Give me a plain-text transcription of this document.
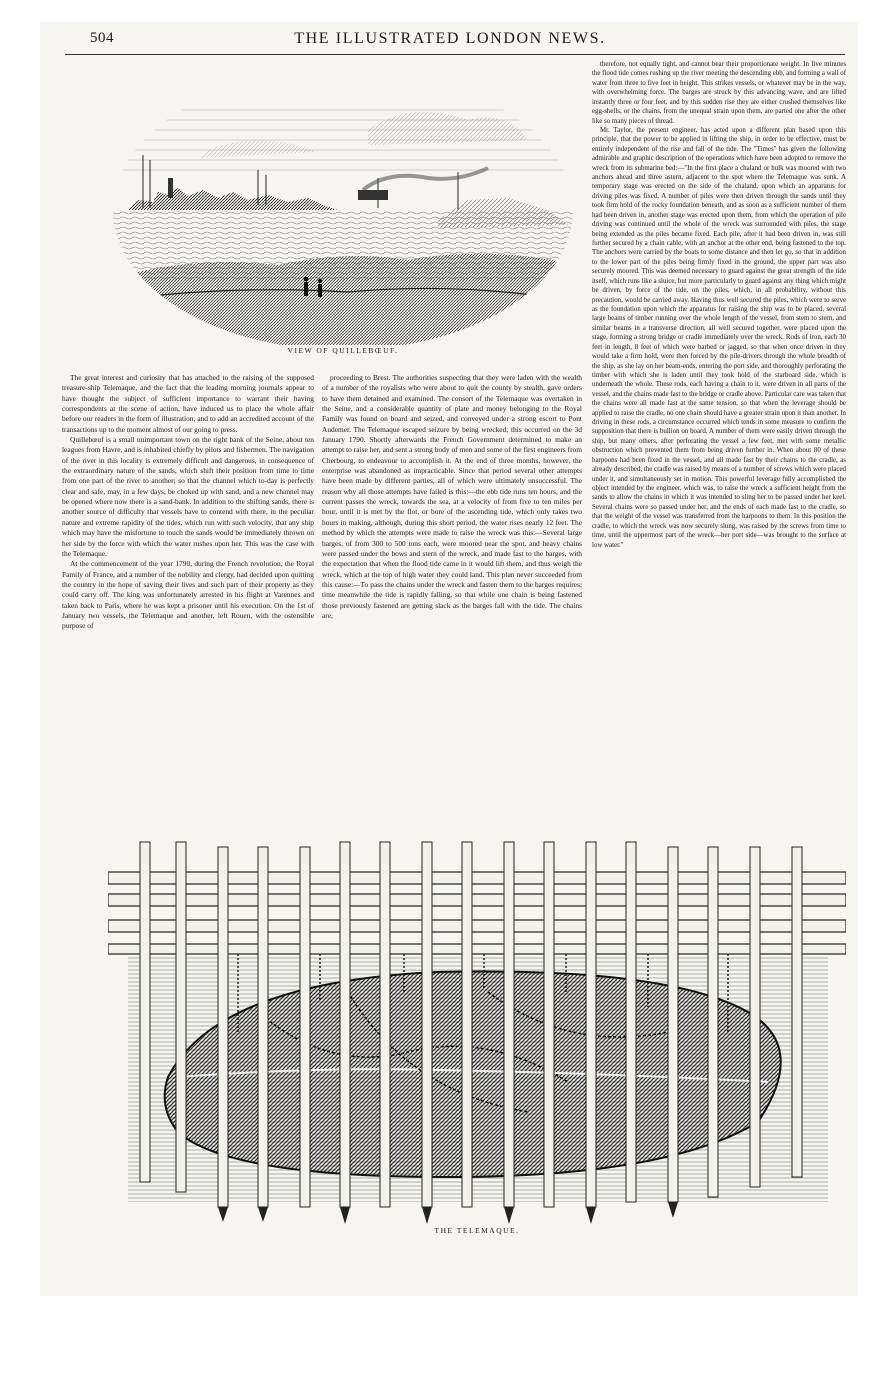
504	THE ILLUSTRATED LONDON NEWS.
VIEW OF QUILLEBŒUF.

The great interest and curiosity that has attached to the raising of the supposed treasure-ship Telemaque, and the fact that the leading morning journals appear to have thought the subject of sufficient importance to warrant their having correspondents at the scene of action, have induced us to place the whole affair before our readers in the form of illustration, and to add an accredited account of the transactions up to the moment almost of our going to press.

Quillebœuf is a small unimportant town on the right bank of the Seine, about ten leagues from Havre, and is inhabited chiefly by pilots and fishermen. The navigation of the river in this locality is extremely difficult and dangerous, in consequence of the extraordinary nature of the sands, which shift their position from time to time from one part of the river to another; so that the channel which to-day is perfectly clear and safe, may, in a few days, be choked up with sand, and a new channel may be opened where now there is a sand-bank. In addition to the shifting sands, there is another source of difficulty that vessels have to contend with there, in the peculiar nature and extreme rapidity of the tides, which run with such velocity, that any ship which may have the misfortune to touch the sands would be immediately thrown on her side by the force with which the water rushes upon her. This was the case with the Telemaque.

At the commencement of the year 1790, during the French revolution, the Royal Family of France, and a number of the nobility and clergy, had decided upon quitting the country in the hope of saving their lives and such part of their property as they could carry off. The king was unfortunately arrested in his flight at Varennes and taken back to Paris, where he was kept a prisoner until his execution. On the 1st of January two vessels, the Telemaque and another, left Rouen, with the ostensible purpose of

proceeding to Brest. The authorities suspecting that they were laden with the wealth of a number of the royalists who were about to quit the county by stealth, gave orders to have them detained and examined. The consort of the Telemaque was overtaken in the Seine, and a considerable quantity of plate and money belonging to the Royal Family was found on board and seized, and conveyed under a strong escort to Pont Audemer. The Telemaque escaped seizure by being wrecked; this occurred on the 3d January 1790. Shortly afterwards the French Government determined to make an attempt to raise her, and sent a strong body of men and some of the first engineers from Cherbourg, to endeavour to accomplish it. At the end of three months, however, the enterprise was abandoned as impracticable. Since that period several other attempts have been made by different parties, all of which were ultimately unsuccessful. The reason why all those attempts have failed is this:—the ebb tide runs ten hours, and the current passes the wreck, towards the sea, at a velocity of from five to ten miles per hour, until it is met by the flot, or bore of the ascending tide, which only takes two hours in making, although, during this short period, the water rises nearly 12 feet. The method by which the attempts were made to raise the wreck was this:—Several large barges, of from 300 to 500 tons each, were moored near the spot, and heavy chains were passed under the bows and stern of the wreck, and made fast to the barges, with the expectation that when the flood tide came in it would lift them, and thus weigh the wreck, which at the top of high water they could land. This plan never succeeded from this cause:—To pass the chains under the wreck and fasten them to the barges requires; time meanwhile the tide is rapidly falling, so that while one chain is being fastened those previously fastened are getting slack as the barges fall with the tide. The chains are,

therefore, not equally tight, and cannot bear their proportionate weight. In five minutes the flood tide comes rushing up the river meeting the descending ebb, and forming a wall of water from three to five feet in height. This strikes vessels, or whatever may be in the way, with overwhelming force. The barges are struck by this advancing wave, and are lifted instantly three or four feet, and by this sudden rise they are either crushed themselves like egg-shells, or the chains, from the unequal strain upon them, are parted one after the other like so many pieces of thread.

Mr. Taylor, the present engineer, has acted upon a different plan based upon this principle, that the power to be applied in lifting the ship, in order to be effective, must be entirely independent of the rise and fall of the tide. The "Times" has given the following admirable and graphic description of the operations which have been adopted to remove the wreck from its submarine bed:—"In the first place a chaland or hulk was moored with two anchors ahead and three astern, adjacent to the spot where the Telemaque was sunk. A temporary stage was erected on the side of the chaland, upon which an apparatus for driving piles was fixed. A number of piles were then driven through the sands until they took firm hold of the rocky foundation beneath, and as soon as a sufficient number of them had been driven in, another stage was erected upon them, from which the operation of pile driving was continued until the whole of the wreck was surrounded with piles, the stage being extended as the piles became fixed. Each pile, after it had been driven in, was still further secured by a chain cable, with an anchor at the other end, being fastened to the top. The anchors were carried by the boats to some distance and then let go, so that in addition to the lower part of the piles being firmly fixed in the ground, the upper part was also securely moored. This was deemed necessary to guard against the great strength of the tide itself, which runs like a sluice, but more particularly to guard against any thing which might be driven, by force of the tide, on the piles, which, in all probability, without this precaution, would be carried away. Having thus well secured the piles, which were to serve as the foundation upon which the apparatus for raising the ship was to be placed, several large beams of timber running over the whole length of the vessel, from stem to stern, and similar beams in a transverse direction, all well secured together, were placed upon the stage, forming a strong bridge or cradle immediately over the wreck. Rods of iron, each 30 feet in length, 8 feet of which were barbed or jagged, so that when once driven in they would take a firm hold, were then forced by the pile-drivers through the whole breadth of the ship, as she lay on her beam-ends, entering the port side, and thoroughly perforating the timber with which she is laden until they took hold of the starboard side, which is underneath the whole. These rods, each having a chain to it, were driven in all parts of the vessel, and the chains made fast to the bridge or cradle above. Particular care was taken that the chains were all made fast at the same tension, so that when the leverage should be applied to raise the cradle, no one chain should have a greater strain upon it than another. In driving in these rods, a circumstance occurred which tends in some measure to confirm the supposition that there is bullion on board. A number of them were easily driven through the ship, but many others, after perforating the vessel a few feet, met with some metallic obstruction which prevented them from being driven further in. When about 80 of these harpoons had been fixed in the vessel, and all made fast by their chains to the cradle, as already described, the cradle was raised by means of a number of screws which were placed under it, and simultaneously set in motion. This powerful leverage fully accomplished the object intended by the engineer, which was, to raise the wreck a sufficient height from the sands to allow the chains in which it was intended to sling her to be passed under her keel. Several chains were so passed under her, and the ends of each made fast to the cradle, so that the weight of the vessel was transferred from the harpoons to them. In this position the cradle, to which the wreck was now securely slung, was raised by the screws from time to time, until the uppermost part of the wreck—her port side—was brought to the surface at low water."

THE TELEMAQUE.
